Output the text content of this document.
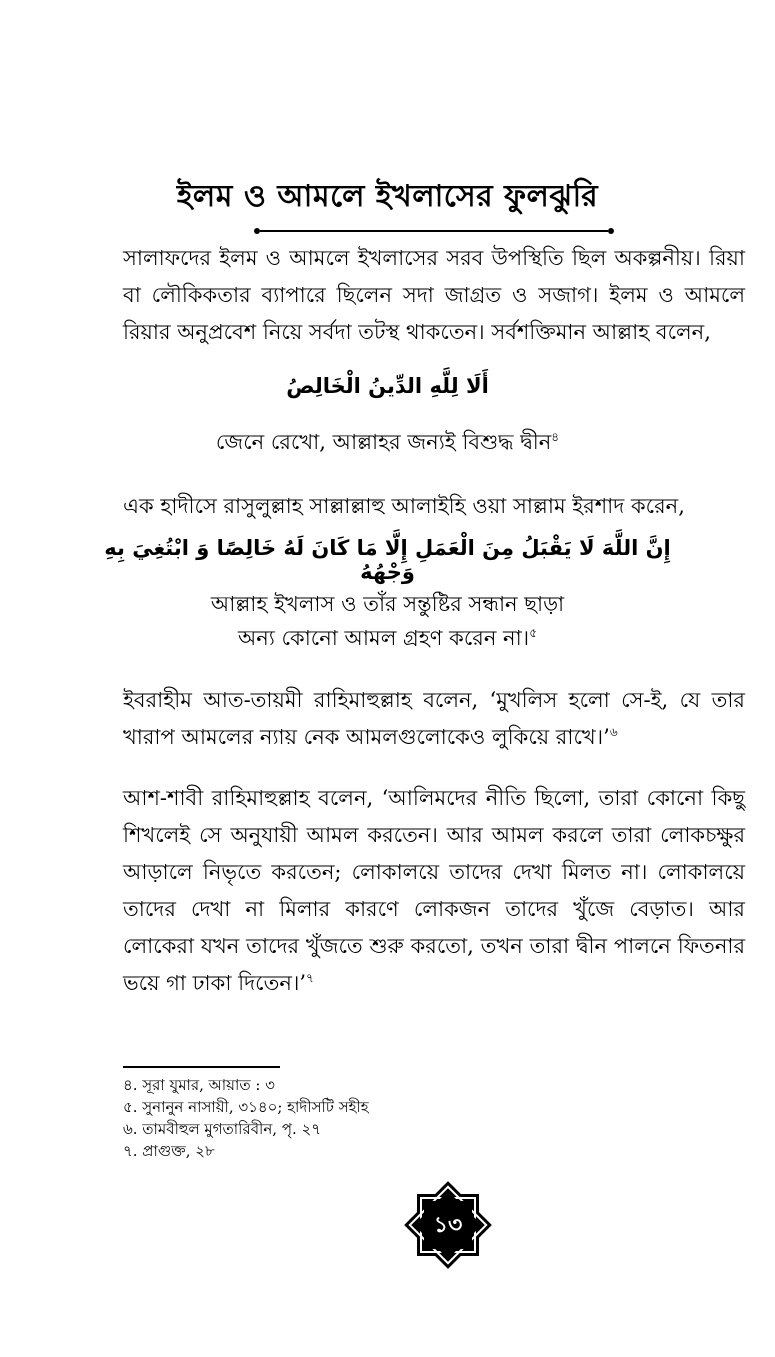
ইলম ও আমলে ইখলাসের ফুলঝুরি

সালাফদের ইলম ও আমলে ইখলাসের সরব উপস্থিতি ছিল অকল্পনীয়। রিয়া বা লৌকিকতার ব্যাপারে ছিলেন সদা জাগ্রত ও সজাগ। ইলম ও আমলে রিয়ার অনুপ্রবেশ নিয়ে সর্বদা তটস্থ থাকতেন। সর্বশক্তিমান আল্লাহ বলেন,

أَلَا لِلَّهِ الدِّينُ الْخَالِصُ
জেনে রেখো, আল্লাহর জন্যই বিশুদ্ধ দ্বীন$^৪$

এক হাদীসে রাসুলুল্লাহ সাল্লাল্লাহু আলাইহি ওয়া সাল্লাম ইরশাদ করেন,

إِنَّ اللَّهَ لَا يَقْبَلُ مِنَ الْعَمَلِ إِلَّا مَا كَانَ لَهُ خَالِصًا وَ ابْتُغِيَ بِهِ وَجْهُهُ
আল্লাহ ইখলাস ও তাঁর সন্তুষ্টির সন্ধান ছাড়া
অন্য কোনো আমল গ্রহণ করেন না।$^৫$

ইবরাহীম আত-তায়মী রাহিমাহুল্লাহ বলেন, ‘মুখলিস হলো সে-ই, যে তার খারাপ আমলের ন্যায় নেক আমলগুলোকেও লুকিয়ে রাখে।’$^৬$

আশ-শাবী রাহিমাহুল্লাহ বলেন, ‘আলিমদের নীতি ছিলো, তারা কোনো কিছু শিখলেই সে অনুযায়ী আমল করতেন। আর আমল করলে তারা লোকচক্ষুর আড়ালে নিভৃতে করতেন; লোকালয়ে তাদের দেখা মিলত না। লোকালয়ে তাদের দেখা না মিলার কারণে লোকজন তাদের খুঁজে বেড়াত। আর লোকেরা যখন তাদের খুঁজতে শুরু করতো, তখন তারা দ্বীন পালনে ফিতনার ভয়ে গা ঢাকা দিতেন।’$^৭$

৪. সূরা যুমার, আয়াত : ৩
৫. সুনানুন নাসায়ী, ৩১৪০; হাদীসটি সহীহ
৬. তামবীহুল মুগতারিবীন, পৃ. ২৭
৭. প্রাগুক্ত, ২৮
১৩
